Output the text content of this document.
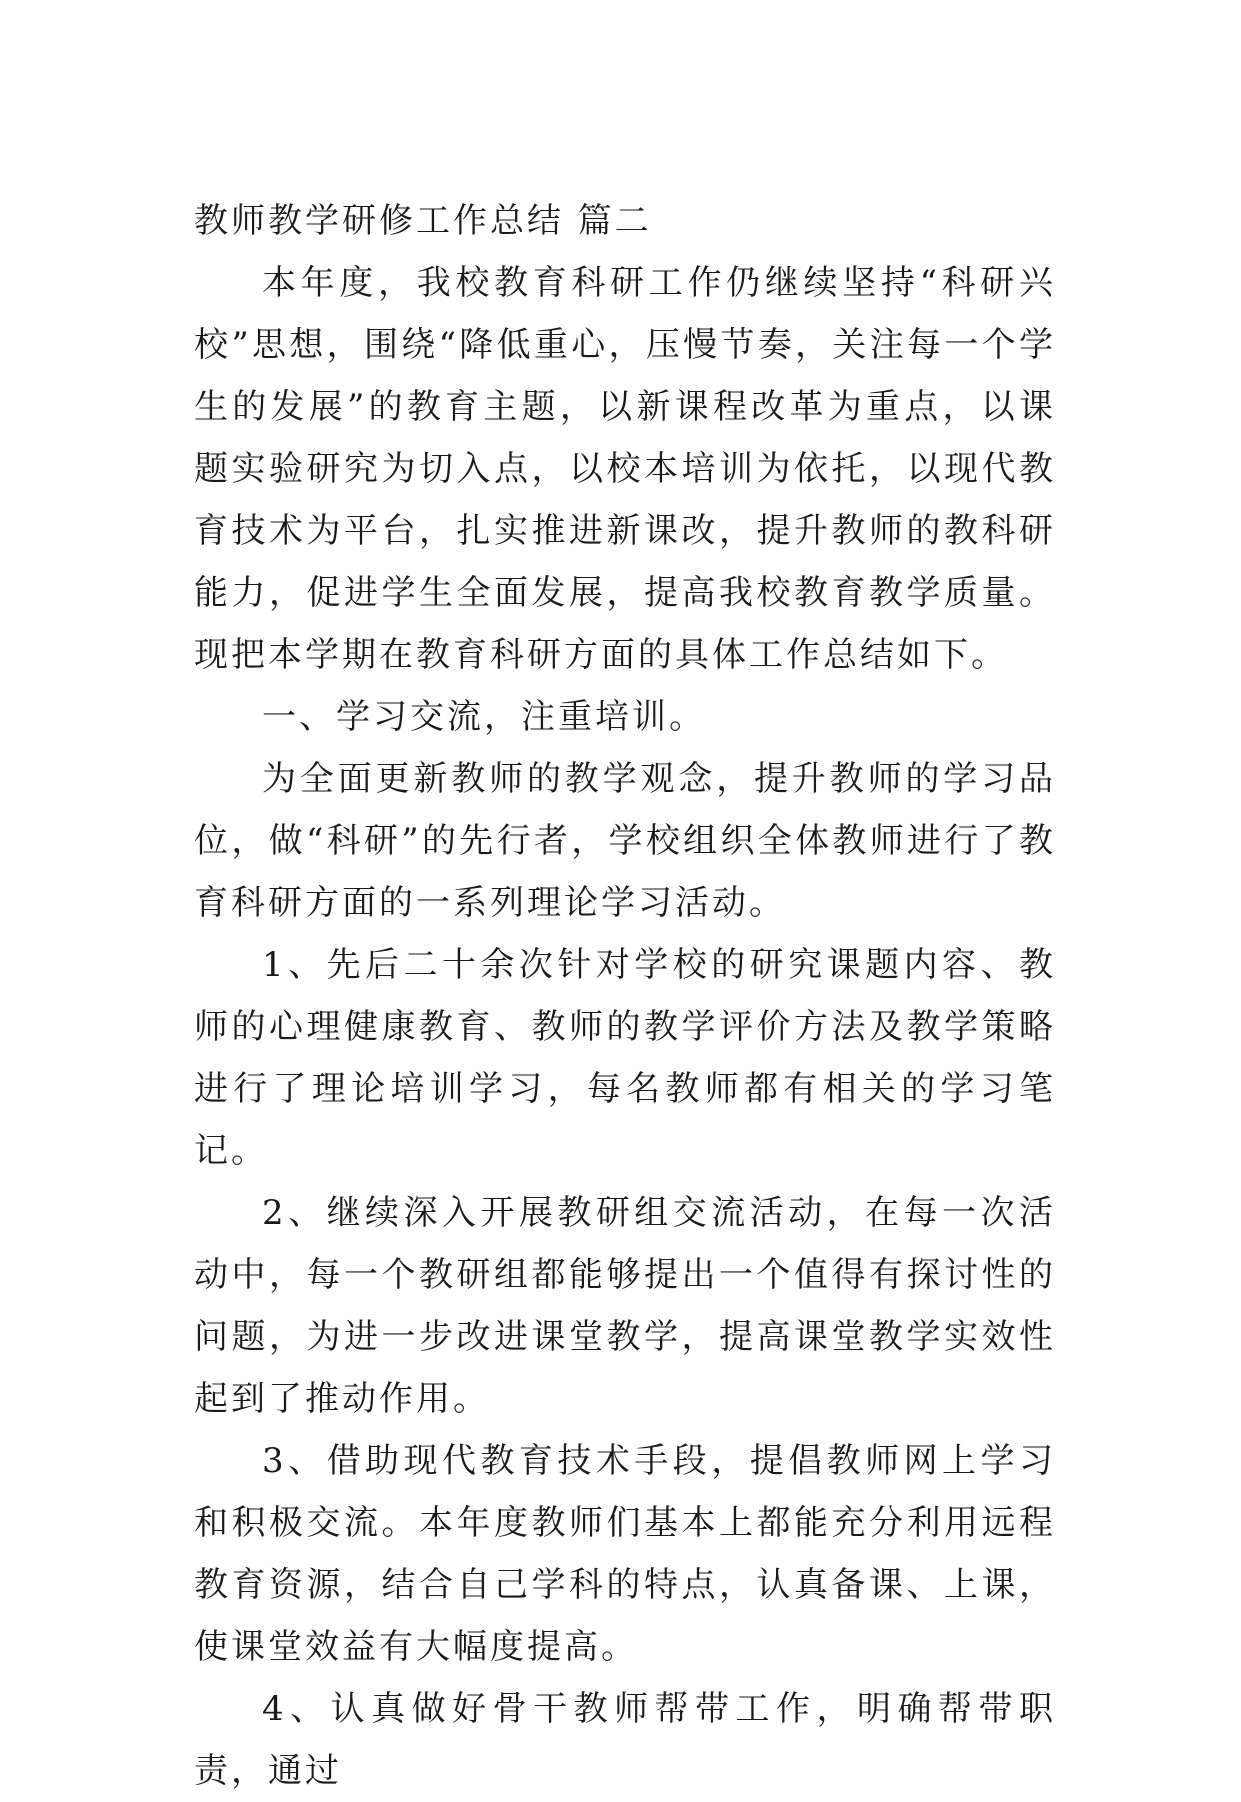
教师教学研修工作总结 篇二

本年度，我校教育科研工作仍继续坚持“科研兴校”思想，围绕“降低重心，压慢节奏，关注每一个学生的发展”的教育主题，以新课程改革为重点，以课题实验研究为切入点，以校本培训为依托，以现代教育技术为平台，扎实推进新课改，提升教师的教科研能力，促进学生全面发展，提高我校教育教学质量。现把本学期在教育科研方面的具体工作总结如下。

一、学习交流，注重培训。

为全面更新教师的教学观念，提升教师的学习品位，做“科研”的先行者，学校组织全体教师进行了教育科研方面的一系列理论学习活动。

1、先后二十余次针对学校的研究课题内容、教师的心理健康教育、教师的教学评价方法及教学策略进行了理论培训学习，每名教师都有相关的学习笔记。

2、继续深入开展教研组交流活动，在每一次活动中，每一个教研组都能够提出一个值得有探讨性的问题，为进一步改进课堂教学，提高课堂教学实效性起到了推动作用。

3、借助现代教育技术手段，提倡教师网上学习和积极交流。本年度教师们基本上都能充分利用远程教育资源，结合自己学科的特点，认真备课、上课，使课堂效益有大幅度提高。

4、认真做好骨干教师帮带工作，明确帮带职责，通过
